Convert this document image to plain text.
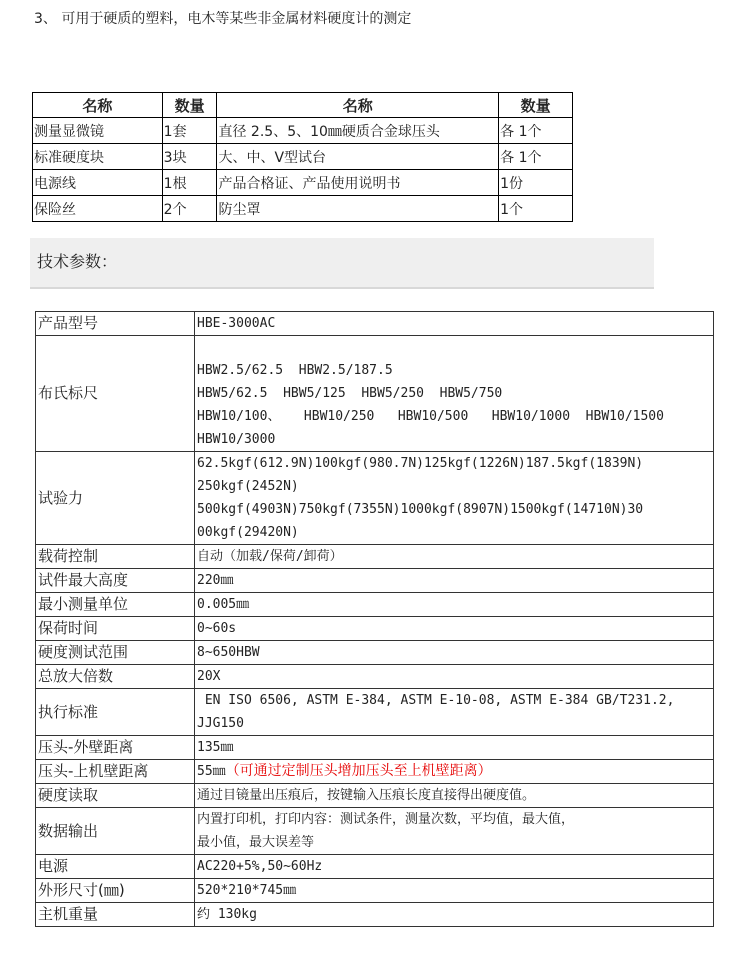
3、 可用于硬质的塑料，电木等某些非金属材料硬度计的测定
名称	数量	名称	数量
测量显微镜	1套	直径 2.5、5、10㎜硬质合金球压头	各 1个
标准硬度块	3块	大、中、V型试台	各 1个
电源线	1根	产品合格证、产品使用说明书	1份
保险丝	2个	防尘罩	1个
技术参数：
产品型号	HBE-3000AC

布氏标尺	HBW2.5/62.5  HBW2.5/187.5
HBW5/62.5  HBW5/125  HBW5/250  HBW5/750
HBW10/100、   HBW10/250   HBW10/500   HBW10/1000  HBW10/1500
HBW10/3000

试验力	62.5kgf(612.9N)100kgf(980.7N)125kgf(1226N)187.5kgf(1839N)
250kgf(2452N)
500kgf(4903N)750kgf(7355N)1000kgf(8907N)1500kgf(14710N)30
00kgf(29420N)

载荷控制	自动（加载/保荷/卸荷）

试件最大高度	220㎜

最小测量单位	0.005㎜

保荷时间	0~60s

硬度测试范围	8~650HBW

总放大倍数	20X

执行标准	EN ISO 6506, ASTM E-384, ASTM E-10-08, ASTM E-384 GB/T231.2,
JJG150

压头-外壁距离	135㎜

压头-上机壁距离	55㎜（可通过定制压头增加压头至上机壁距离）
硬度读取	通过目镜量出压痕后，按键输入压痕长度直接得出硬度值。

数据输出	内置打印机，打印内容：测试条件，测量次数，平均值，最大值，
最小值，最大误差等

电源	AC220+5%,50~60Hz

外形尺寸(㎜)	520*210*745㎜

主机重量	约 130kg
